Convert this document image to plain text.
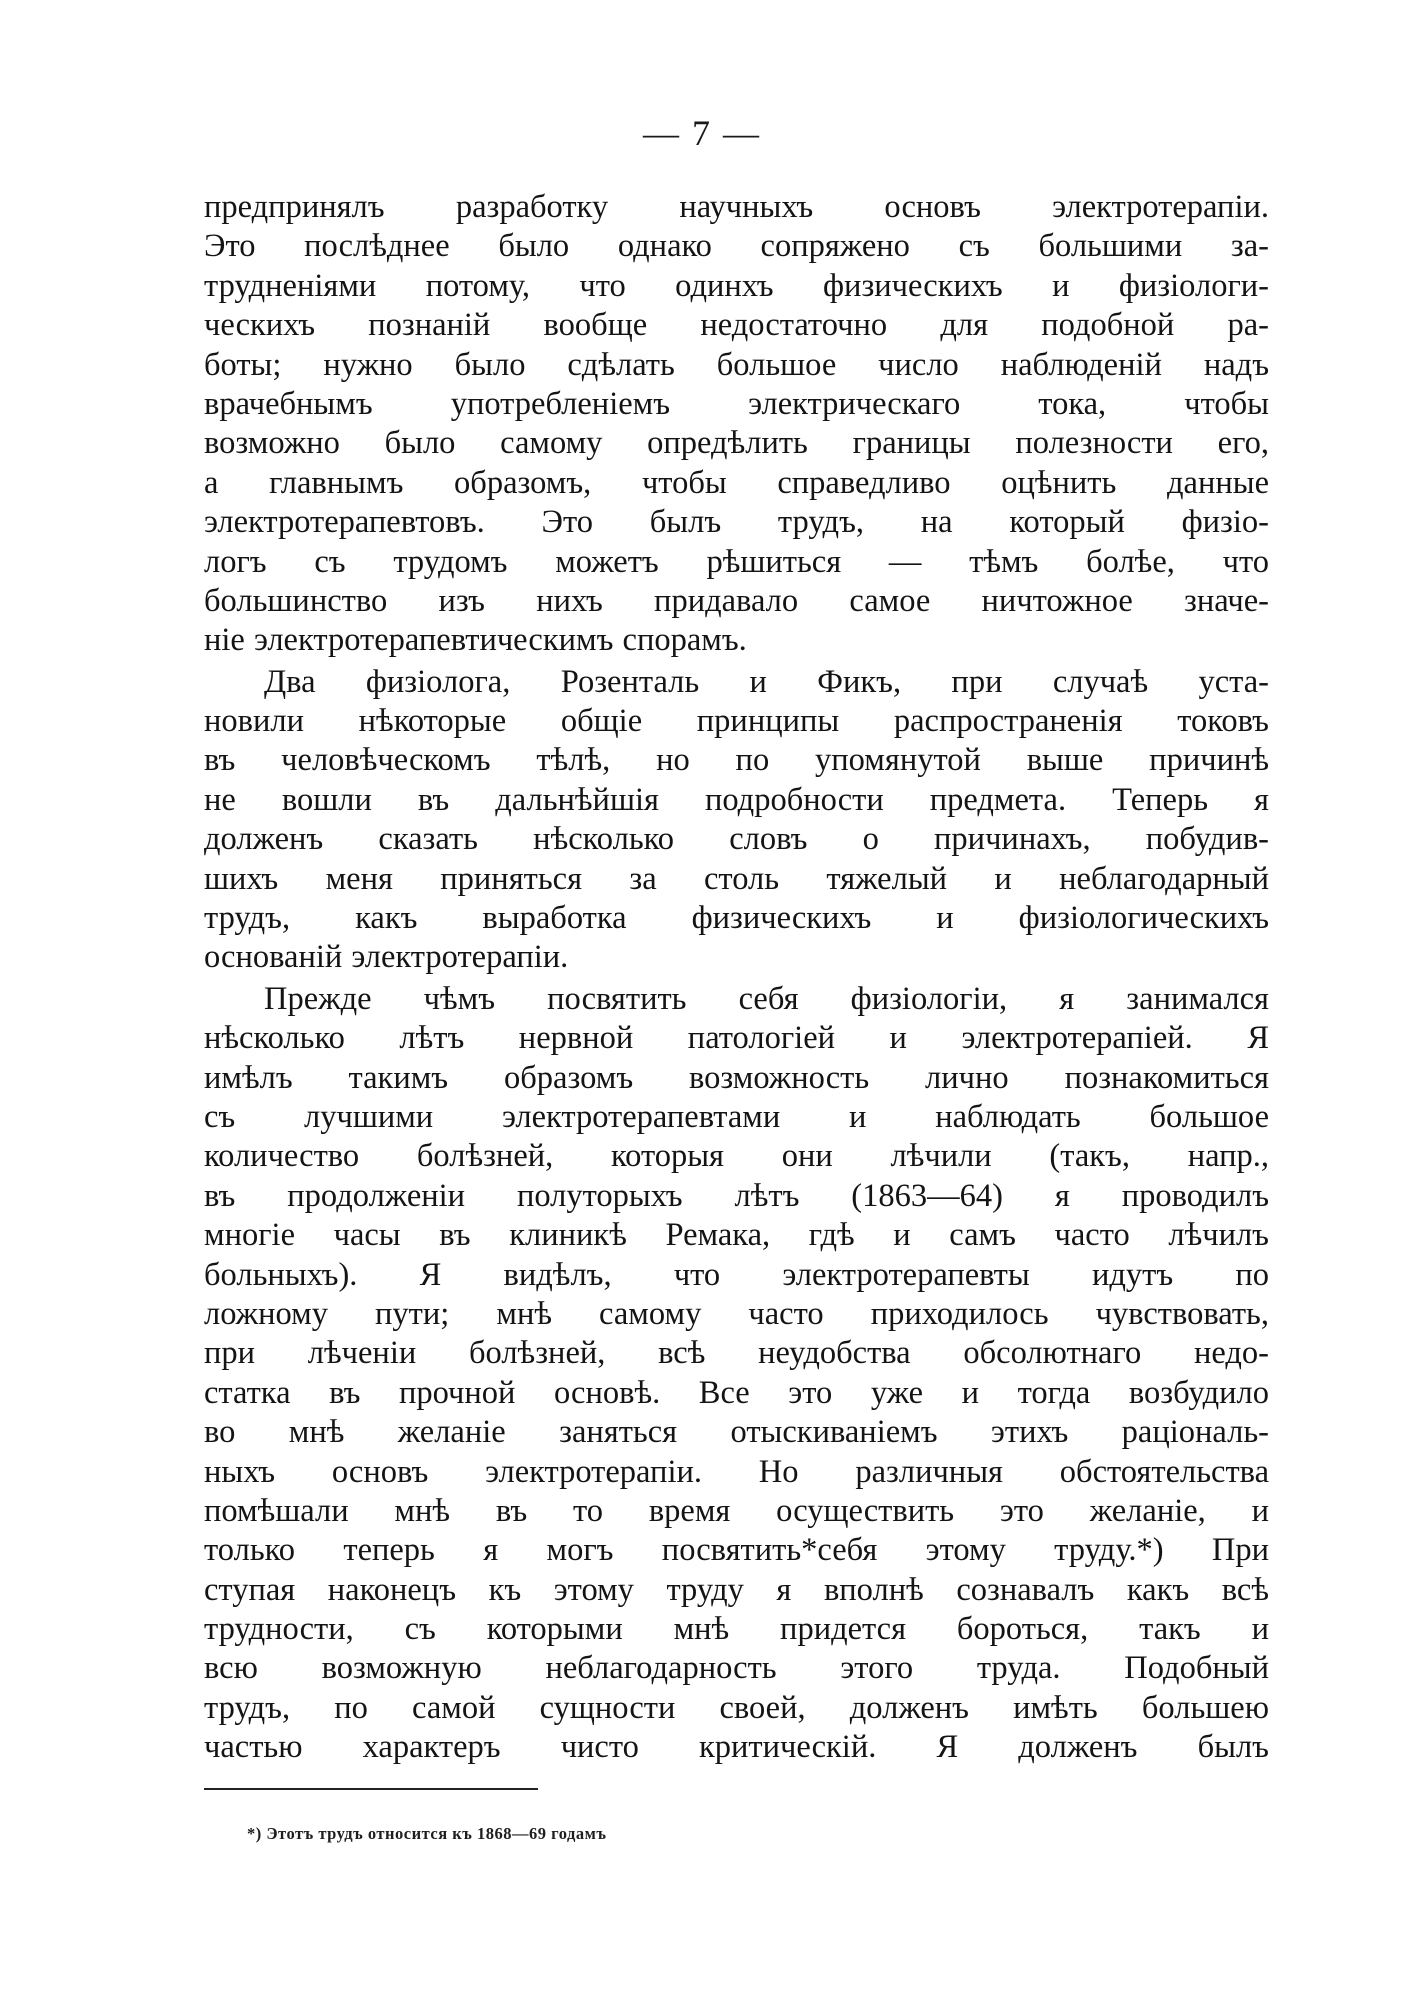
— 7 —
предпринялъ разработку научныхъ основъ электротерапіи.
Это послѣднее было однако сопряжено съ большими за-
трудненіями потому, что одинхъ физическихъ и физіологи-
ческихъ познаній вообще недостаточно для подобной ра-
боты; нужно было сдѣлать большое число наблюденій надъ
врачебнымъ употребленіемъ электрическаго тока, чтобы
возможно было самому опредѣлить границы полезности его,
а главнымъ образомъ, чтобы справедливо оцѣнить данные
электротерапевтовъ. Это былъ трудъ, на который физіо-
логъ съ трудомъ можетъ рѣшиться — тѣмъ болѣе, что
большинство изъ нихъ придавало самое ничтожное значе-
ніе электротерапевтическимъ спорамъ.
Два физіолога, Розенталь и Фикъ, при случаѣ уста-
новили нѣкоторые общіе принципы распространенія токовъ
въ человѣческомъ тѣлѣ, но по упомянутой выше причинѣ
не вошли въ дальнѣйшія подробности предмета. Теперь я
долженъ сказать нѣсколько словъ о причинахъ, побудив-
шихъ меня приняться за столь тяжелый и неблагодарный
трудъ, какъ выработка физическихъ и физіологическихъ
основаній электротерапіи.
Прежде чѣмъ посвятить себя физіологіи, я занимался
нѣсколько лѣтъ нервной патологіей и электротерапіей. Я
имѣлъ такимъ образомъ возможность лично познакомиться
съ лучшими электротерапевтами и наблюдать большое
количество болѣзней, которыя они лѣчили (такъ, напр.,
въ продолженіи полуторыхъ лѣтъ (1863—64) я проводилъ
многіе часы въ клиникѣ Ремака, гдѣ и самъ часто лѣчилъ
больныхъ). Я видѣлъ, что электротерапевты идутъ по
ложному пути; мнѣ самому часто приходилось чувствовать,
при лѣченіи болѣзней, всѣ неудобства обсолютнаго недо-
статка въ прочной основѣ. Все это уже и тогда возбудило
во мнѣ желаніе заняться отыскиваніемъ этихъ раціональ-
ныхъ основъ электротерапіи. Но различныя обстоятельства
помѣшали мнѣ въ то время осуществить это желаніе, и
только теперь я могъ посвятить*себя этому труду.*) При
ступая наконецъ къ этому труду я вполнѣ сознавалъ какъ всѣ
трудности, съ которыми мнѣ придется бороться, такъ и
всю возможную неблагодарность этого труда. Подобный
трудъ, по самой сущности своей, долженъ имѣть большею
частью характеръ чисто критическій. Я долженъ былъ
*) Этотъ трудъ относится къ 1868—69 годамъ
